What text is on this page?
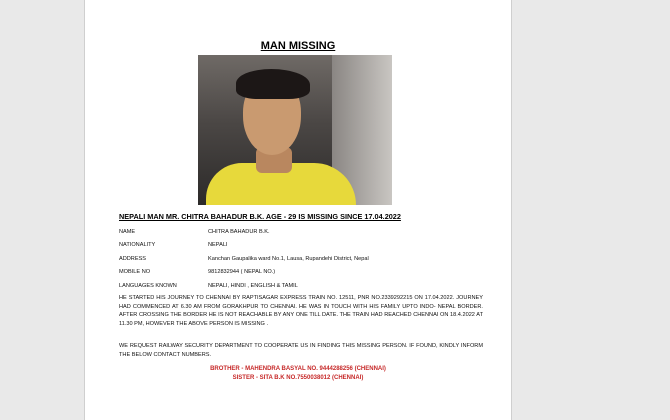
MAN MISSING
NEPALI MAN MR. CHITRA BAHADUR B.K. AGE - 29 IS MISSING SINCE 17.04.2022
NAME	CHITRA BAHADUR B.K.
NATIONALITY	NEPALI
ADDRESS	Kanchan Gaupalika ward No.1, Lausa, Rupandehi District, Nepal
MOBILE NO	9812832944 ( NEPAL NO.)
LANGUAGES KNOWN	NEPALI, HINDI , ENGLISH & TAMIL
HE STARTED HIS JOURNEY TO CHENNAI BY RAPTISAGAR EXPRESS TRAIN NO. 12511, PNR NO.2339292215 ON 17.04.2022. JOURNEY HAD COMMENCED AT 6.30 AM FROM GORAKHPUR TO CHENNAI. HE WAS IN TOUCH WITH HIS FAMILY UPTO INDO- NEPAL BORDER. AFTER CROSSING THE BORDER HE IS NOT REACHABLE BY ANY ONE TILL DATE. THE TRAIN HAD REACHED CHENNAI ON 18.4.2022 AT 11.30 PM, HOWEVER THE ABOVE PERSON IS MISSING .
WE REQUEST RAILWAY SECURITY DEPARTMENT TO COOPERATE US IN FINDING THIS MISSING PERSON. IF FOUND, KINDLY INFORM THE BELOW CONTACT NUMBERS.
BROTHER - MAHENDRA BASYAL NO. 9444288256 (CHENNAI)
SISTER - SITA B.K NO.7550038012 (CHENNAI)
